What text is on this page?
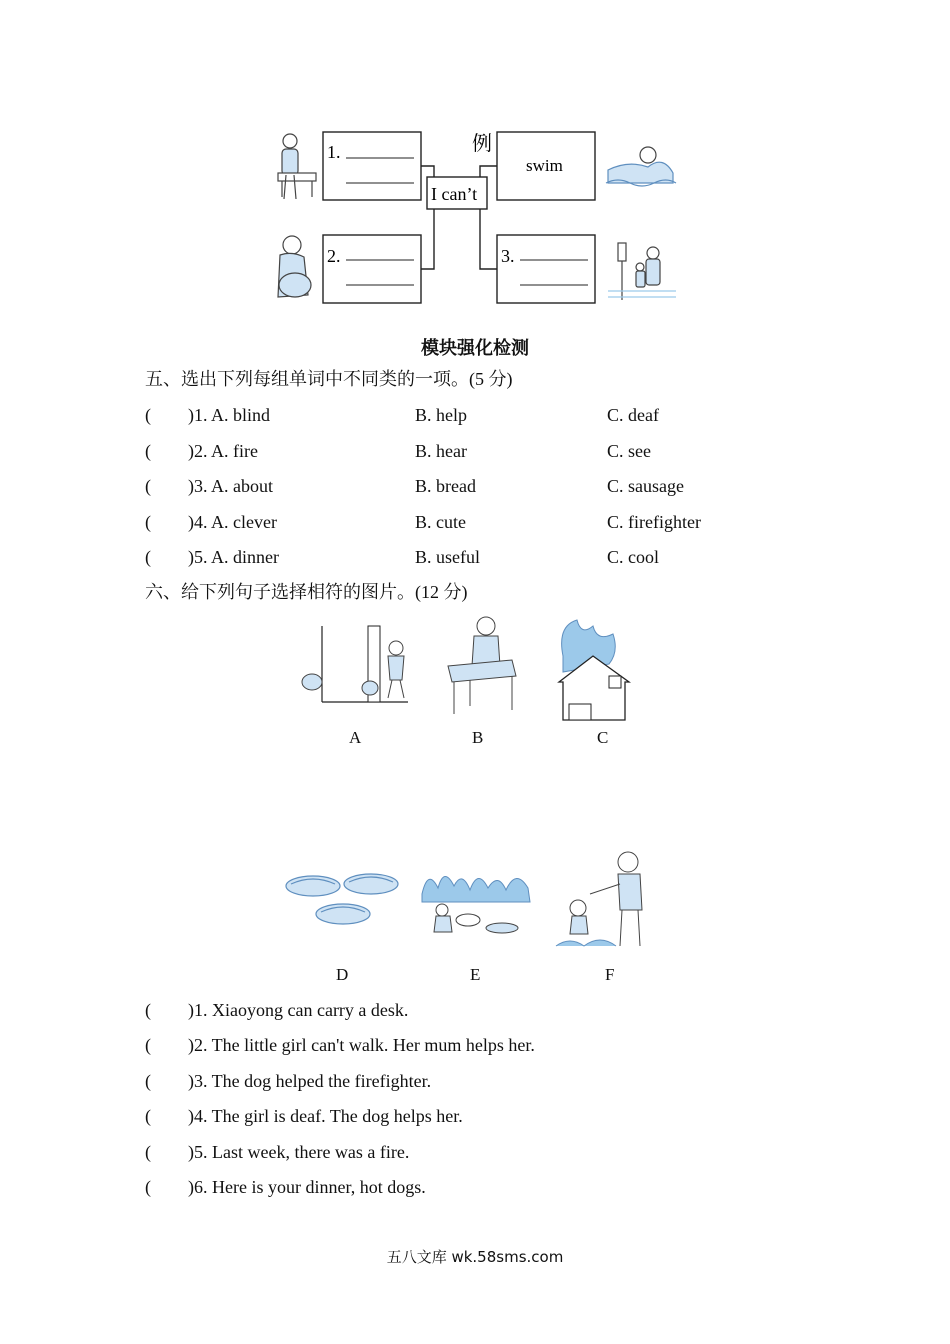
例
I can’t
swim
1.
2.	3.
模块强化检测
五、选出下列每组单词中不同类的一项。(5 分)
( )1. A. blind	B. help	C. deaf
( )2. A. fire	B. hear	C. see
( )3. A. about	B. bread	C. sausage
( )4. A. clever	B. cute	C. firefighter
( )5. A. dinner	B. useful	C. cool
六、给下列句子选择相符的图片。(12 分)
A	B	C
D	E	F
( )1. Xiaoyong can carry a desk.
( )2. The little girl can't walk. Her mum helps her.
( )3. The dog helped the firefighter.
( )4. The girl is deaf. The dog helps her.
( )5. Last week, there was a fire.
( )6. Here is your dinner, hot dogs.
五八文库 wk.58sms.com
